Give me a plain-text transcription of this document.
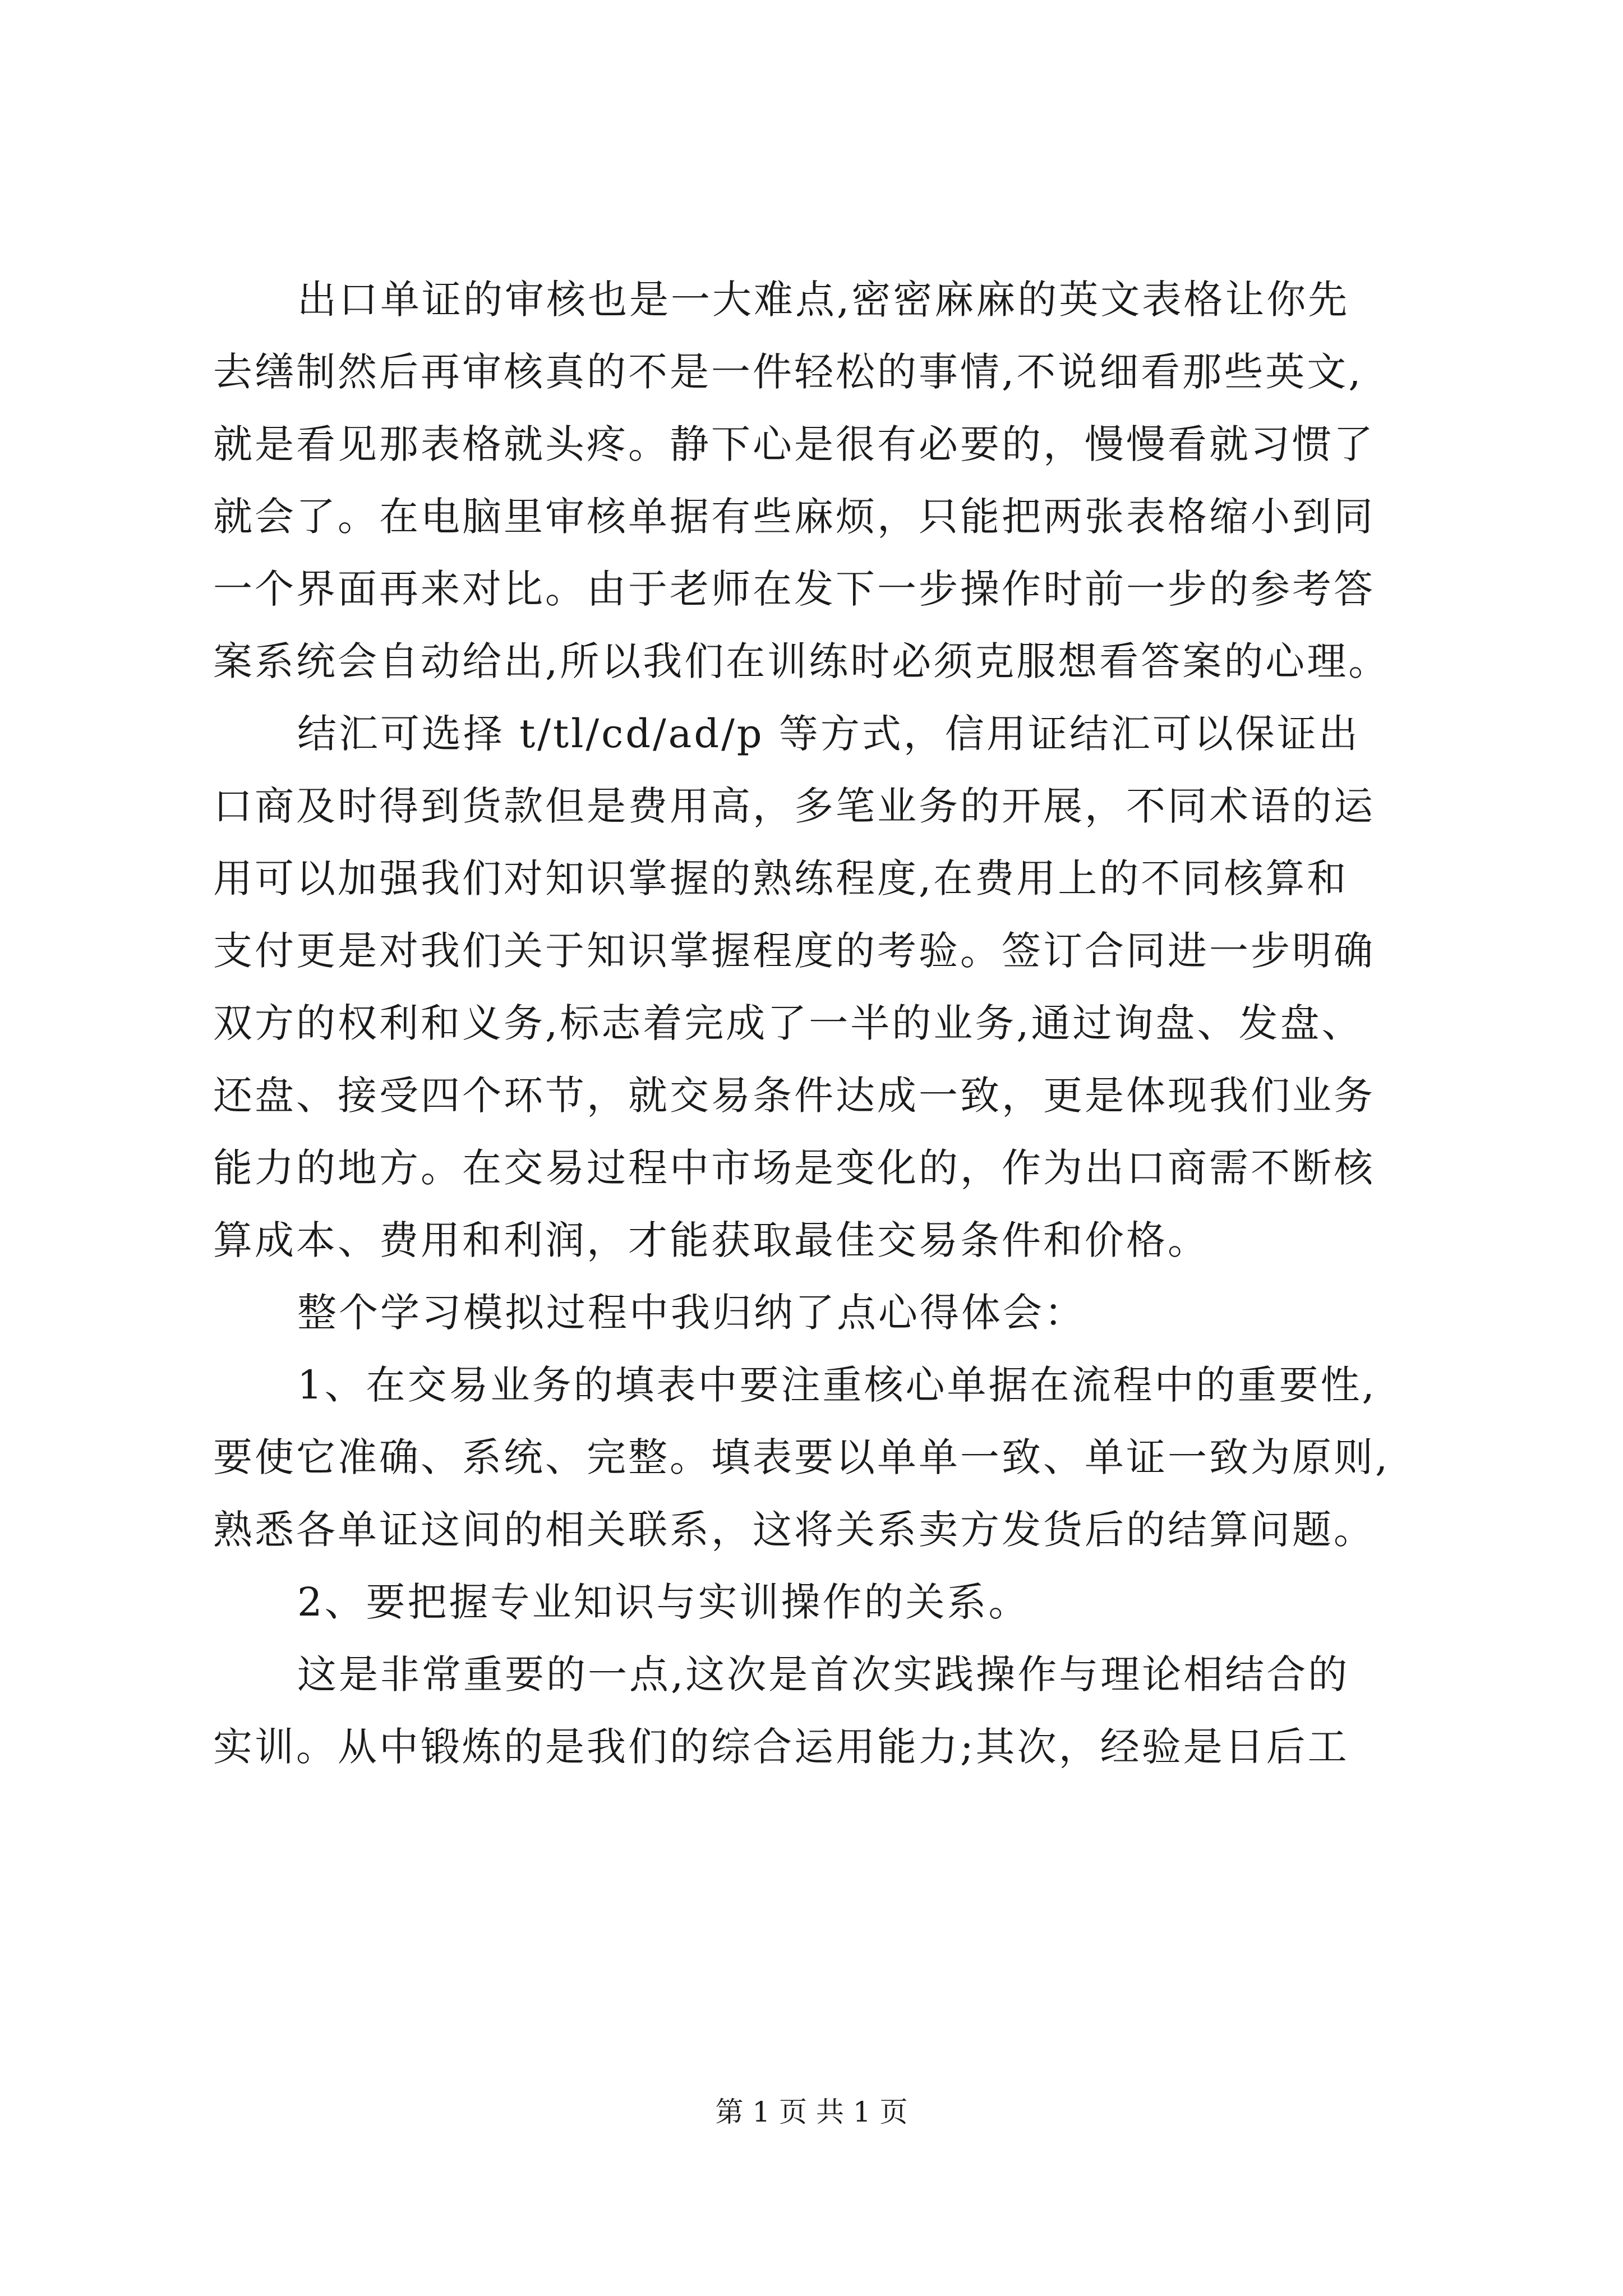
出口单证的审核也是一大难点,密密麻麻的英文表格让你先
去缮制然后再审核真的不是一件轻松的事情,不说细看那些英文,
就是看见那表格就头疼。静下心是很有必要的，慢慢看就习惯了
就会了。在电脑里审核单据有些麻烦，只能把两张表格缩小到同
一个界面再来对比。由于老师在发下一步操作时前一步的参考答
案系统会自动给出,所以我们在训练时必须克服想看答案的心理。
结汇可选择 t/tl/cd/ad/p 等方式，信用证结汇可以保证出
口商及时得到货款但是费用高，多笔业务的开展，不同术语的运
用可以加强我们对知识掌握的熟练程度,在费用上的不同核算和
支付更是对我们关于知识掌握程度的考验。签订合同进一步明确
双方的权利和义务,标志着完成了一半的业务,通过询盘、发盘、
还盘、接受四个环节，就交易条件达成一致，更是体现我们业务
能力的地方。在交易过程中市场是变化的，作为出口商需不断核
算成本、费用和利润，才能获取最佳交易条件和价格。
整个学习模拟过程中我归纳了点心得体会：
1、在交易业务的填表中要注重核心单据在流程中的重要性,
要使它准确、系统、完整。填表要以单单一致、单证一致为原则,
熟悉各单证这间的相关联系，这将关系卖方发货后的结算问题。
2、要把握专业知识与实训操作的关系。
这是非常重要的一点,这次是首次实践操作与理论相结合的
实训。从中锻炼的是我们的综合运用能力;其次，经验是日后工
第 1 页 共 1 页
